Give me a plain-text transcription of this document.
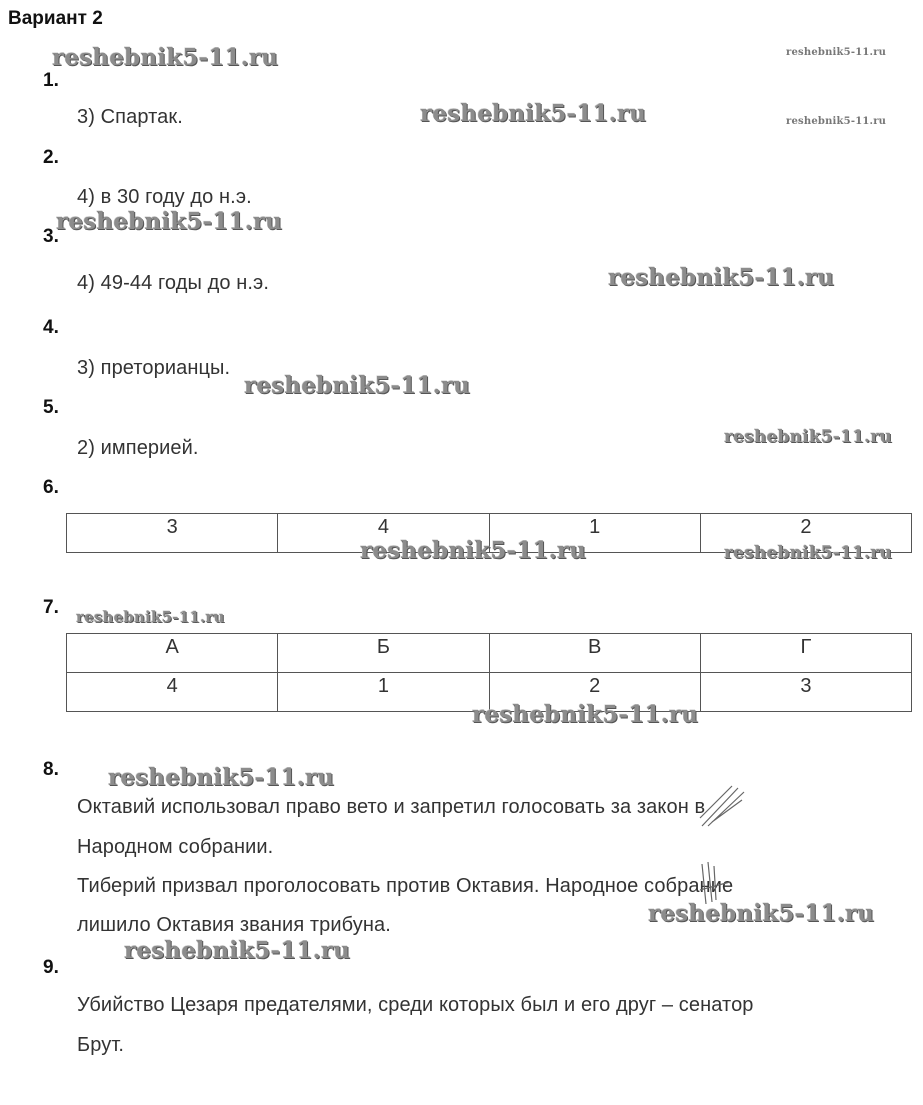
Вариант 2
1.
3) Спартак.
2.
4) в 30 году до н.э.
3.
4) 49-44 годы до н.э.
4.
3) преторианцы.
5.
2) империей.
6.
3	4	1	2
7.
А	Б	В	Г
4	1	2	3
8.
Октавий использовал право вето и запретил голосовать за закон в
Народном собрании.
Тиберий призвал проголосовать против Октавия. Народное собрание
лишило Октавия звания трибуна.
9.
Убийство Цезаря предателями, среди которых был и его друг – сенатор
Брут.
reshebnik5-11.ru	reshebnik5-11.ru
reshebnik5-11.ru	reshebnik5-11.ru
reshebnik5-11.ru
reshebnik5-11.ru
reshebnik5-11.ru
reshebnik5-11.ru
reshebnik5-11.ru	reshebnik5-11.ru
reshebnik5-11.ru
reshebnik5-11.ru
reshebnik5-11.ru
reshebnik5-11.ru
reshebnik5-11.ru
